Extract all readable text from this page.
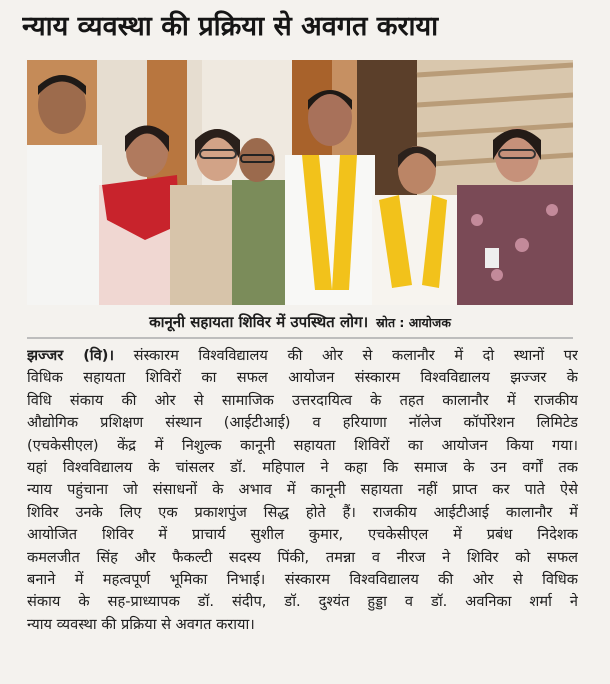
न्याय व्यवस्था की प्रक्रिया से अवगत कराया
कानूनी सहायता शिविर में उपस्थित लोग। स्रोत : आयोजक
झज्जर (वि)। संस्कारम विश्वविद्यालय की ओर से कलानौर में दो स्थानों पर
विधिक सहायता शिविरों का सफल आयोजन संस्कारम विश्वविद्यालय झज्जर के
विधि संकाय की ओर से सामाजिक उत्तरदायित्व के तहत कालानौर में राजकीय
औद्योगिक प्रशिक्षण संस्थान (आईटीआई) व हरियाणा नॉलेज कॉर्पोरेशन लिमिटेड
(एचकेसीएल) केंद्र में निशुल्क कानूनी सहायता शिविरों का आयोजन किया गया।
यहां विश्वविद्यालय के चांसलर डॉ. महिपाल ने कहा कि समाज के उन वर्गों तक
न्याय पहुंचाना जो संसाधनों के अभाव में कानूनी सहायता नहीं प्राप्त कर पाते ऐसे
शिविर उनके लिए एक प्रकाशपुंज सिद्ध होते हैं। राजकीय आईटीआई कालानौर में
आयोजित शिविर में प्राचार्य सुशील कुमार, एचकेसीएल में प्रबंध निदेशक
कमलजीत सिंह और फैकल्टी सदस्य पिंकी, तमन्ना व नीरज ने शिविर को सफल
बनाने में महत्वपूर्ण भूमिका निभाई। संस्कारम विश्वविद्यालय की ओर से विधिक
संकाय के सह-प्राध्यापक डॉ. संदीप, डॉ. दुश्यंत हुड्डा व डॉ. अवनिका शर्मा ने
न्याय व्यवस्था की प्रक्रिया से अवगत कराया।
